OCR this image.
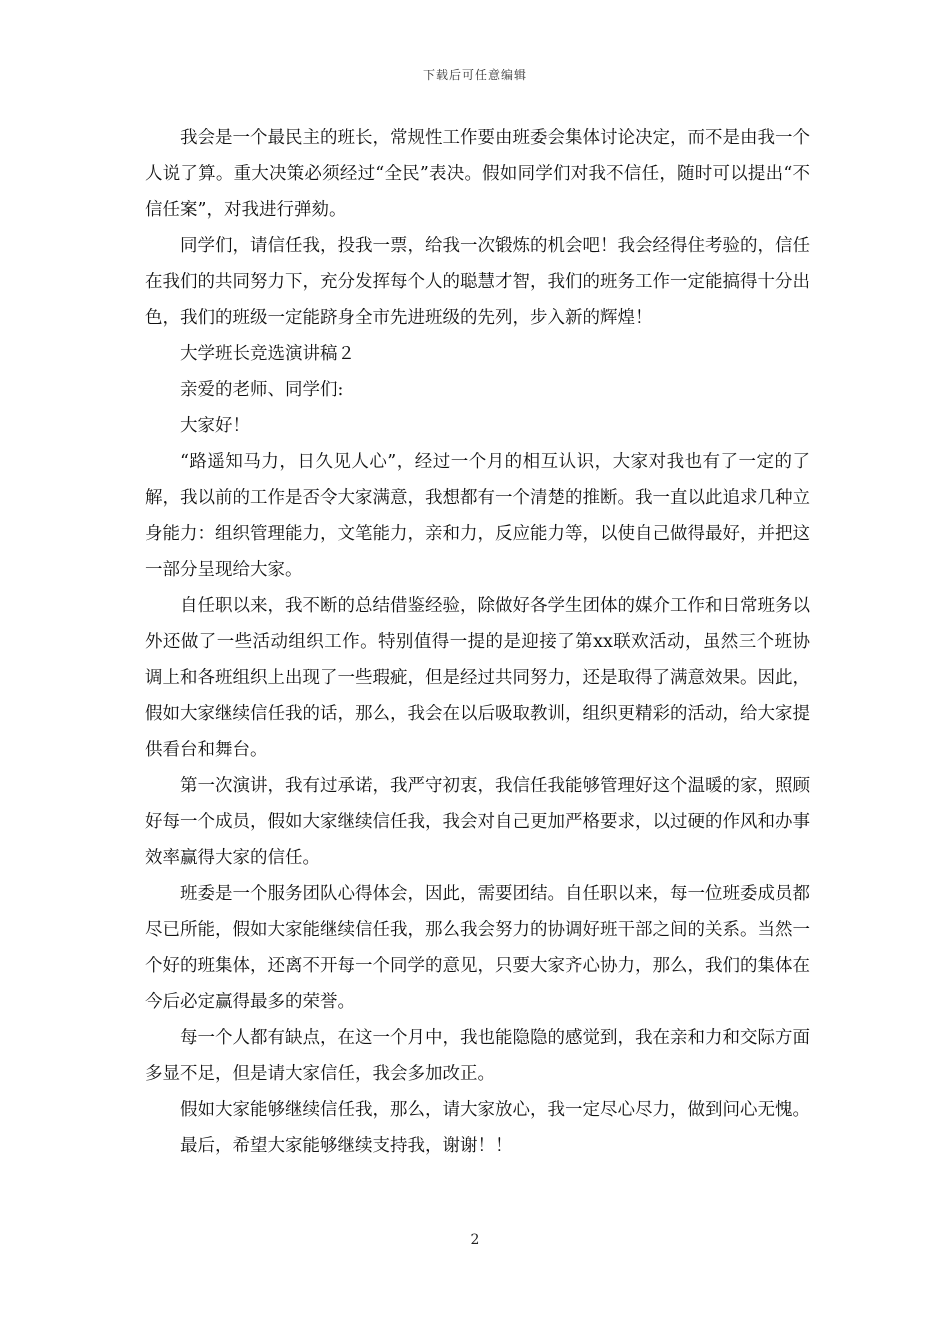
下载后可任意编辑

我会是一个最民主的班长，常规性工作要由班委会集体讨论决定，而不是由我一个人说了算。重大决策必须经过“全民”表决。假如同学们对我不信任，随时可以提出“不信任案”，对我进行弹劾。

同学们，请信任我，投我一票，给我一次锻炼的机会吧！我会经得住考验的，信任在我们的共同努力下，充分发挥每个人的聪慧才智，我们的班务工作一定能搞得十分出色，我们的班级一定能跻身全市先进班级的先列，步入新的辉煌！

大学班长竞选演讲稿２

亲爱的老师、同学们:

大家好！

“路遥知马力，日久见人心”，经过一个月的相互认识，大家对我也有了一定的了解，我以前的工作是否令大家满意，我想都有一个清楚的推断。我一直以此追求几种立身能力：组织管理能力，文笔能力，亲和力，反应能力等，以使自己做得最好，并把这一部分呈现给大家。

自任职以来，我不断的总结借鉴经验，除做好各学生团体的媒介工作和日常班务以外还做了一些活动组织工作。特别值得一提的是迎接了第xx联欢活动，虽然三个班协调上和各班组织上出现了一些瑕疵，但是经过共同努力，还是取得了满意效果。因此，假如大家继续信任我的话，那么，我会在以后吸取教训，组织更精彩的活动，给大家提供看台和舞台。

第一次演讲，我有过承诺，我严守初衷，我信任我能够管理好这个温暖的家，照顾好每一个成员，假如大家继续信任我，我会对自己更加严格要求，以过硬的作风和办事效率赢得大家的信任。

班委是一个服务团队心得体会，因此，需要团结。自任职以来，每一位班委成员都尽已所能，假如大家能继续信任我，那么我会努力的协调好班干部之间的关系。当然一个好的班集体，还离不开每一个同学的意见，只要大家齐心协力，那么，我们的集体在今后必定赢得最多的荣誉。

每一个人都有缺点，在这一个月中，我也能隐隐的感觉到，我在亲和力和交际方面多显不足，但是请大家信任，我会多加改正。

假如大家能够继续信任我，那么，请大家放心，我一定尽心尽力，做到问心无愧。

最后，希望大家能够继续支持我，谢谢！！

2
